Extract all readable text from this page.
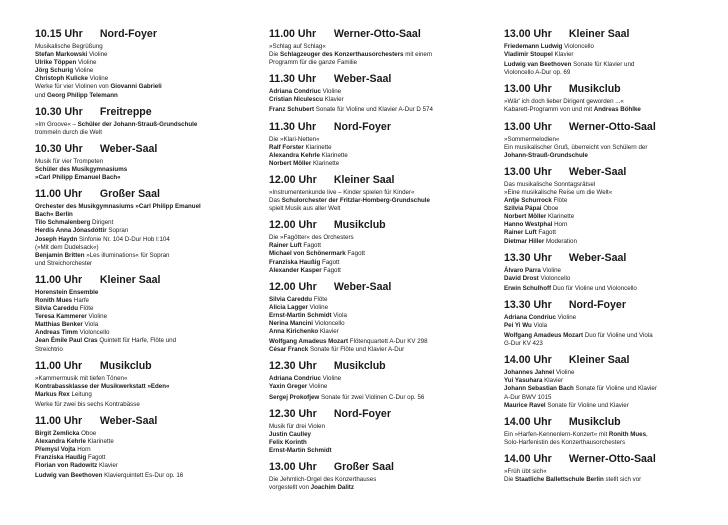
10.15 Uhr Nord-Foyer
Musikalische Begrüßung
Stefan Markowski Violine
Ulrike Töppen Violine
Jörg Schurig Violine
Christoph Kulicke Violine
Werke für vier Violinen von Giovanni Gabrieli
und Georg Philipp Telemann
10.30 Uhr Freitreppe
»Im Groove« – Schüler der Johann-Strauß-Grundschule
trommeln durch die Welt
10.30 Uhr Weber-Saal
Musik für vier Trompeten
Schüler des Musikgymnasiums
»Carl Philipp Emanuel Bach«
11.00 Uhr Großer Saal
Orchester des Musikgymnasiums »Carl Philipp Emanuel
Bach« Berlin
Tilo Schmalenberg Dirigent
Herdís Anna Jónasdóttir Sopran
Joseph Haydn Sinfonie Nr. 104 D-Dur Hob I:104
(»Mit dem Dudelsack«)
Benjamin Britten »Les illuminations« für Sopran
und Streichorchester
11.00 Uhr Kleiner Saal
Horenstein Ensemble
Ronith Mues Harfe
Silvia Careddu Flöte
Teresa Kammerer Violine
Matthias Benker Viola
Andreas Timm Violoncello
Jean Émile Paul Cras Quintett für Harfe, Flöte und
Streichtrio
11.00 Uhr Musikclub
»Kammermusik mit tiefen Tönen«
Kontrabassklasse der Musikwerkstatt »Eden«
Markus Rex Leitung
Werke für zwei bis sechs Kontrabässe
11.00 Uhr Weber-Saal
Birgit Zemlicka Oboe
Alexandra Kehrle Klarinette
Přemysl Vojta Horn
Franziska Haußig Fagott
Florian von Radowitz Klavier
Ludwig van Beethoven Klavierquintett Es-Dur op. 16
11.00 Uhr Werner-Otto-Saal
»Schlag auf Schlag«
Die Schlagzeuger des Konzerthausorchesters mit einem
Programm für die ganze Familie
11.30 Uhr Weber-Saal
Adriana Condriuc Violine
Cristian Niculescu Klavier
Franz Schubert Sonate für Violine und Klavier A-Dur D 574
11.30 Uhr Nord-Foyer
Die »Klari-Netten«
Ralf Forster Klarinette
Alexandra Kehrle Klarinette
Norbert Möller Klarinette
12.00 Uhr Kleiner Saal
»Instrumentenkunde live – Kinder spielen für Kinder«
Das Schulorchester der Fritzlar-Homberg-Grundschule
spielt Musik aus aller Welt
12.00 Uhr Musikclub
Die »Fagötter« des Orchesters
Rainer Luft Fagott
Michael von Schönermark Fagott
Franziska Haußig Fagott
Alexander Kasper Fagott
12.00 Uhr Weber-Saal
Silvia Careddu Flöte
Alicia Lagger Violine
Ernst-Martin Schmidt Viola
Nerina Mancini Violoncello
Anna Kirichenko Klavier
Wolfgang Amadeus Mozart Flötenquartett A-Dur KV 298
César Franck Sonate für Flöte und Klavier A-Dur
12.30 Uhr Musikclub
Adriana Condriuc Violine
Yaxin Greger Violine
Sergej Prokofjew Sonate für zwei Violinen C-Dur op. 56
12.30 Uhr Nord-Foyer
Musik für drei Violen
Justin Caulley
Felix Korinth
Ernst-Martin Schmidt
13.00 Uhr Großer Saal
Die Jehmlich-Orgel des Konzerthauses
vorgestellt von Joachim Dalitz
13.00 Uhr Kleiner Saal
Friedemann Ludwig Violoncello
Vladimir Stoupel Klavier
Ludwig van Beethoven Sonate für Klavier und
Violoncello A-Dur op. 69
13.00 Uhr Musikclub
»Wär' ich doch lieber Dirigent geworden ...«
Kabarett-Programm von und mit Andreas Böhlke
13.00 Uhr Werner-Otto-Saal
»Sommermelodien«
Ein musikalischer Gruß, überreicht von Schülern der
Johann-Strauß-Grundschule
13.00 Uhr Weber-Saal
Das musikalische Sonntagsrätsel
»Eine musikalische Reise um die Welt«
Antje Schurrock Flöte
Szilvia Pápai Oboe
Norbert Möller Klarinette
Hanno Westphal Horn
Rainer Luft Fagott
Dietmar Hiller Moderation
13.30 Uhr Weber-Saal
Álvaro Parra Violine
David Drost Violoncello
Erwin Schulhoff Duo für Violine und Violoncello
13.30 Uhr Nord-Foyer
Adriana Condriuc Violine
Pei Yi Wu Viola
Wolfgang Amadeus Mozart Duo für Violine und Viola
G-Dur KV 423
14.00 Uhr Kleiner Saal
Johannes Jahnel Violine
Yui Yasuhara Klavier
Johann Sebastian Bach Sonate für Violine und Klavier
A-Dur BWV 1015
Maurice Ravel Sonate für Violine und Klavier
14.00 Uhr Musikclub
Ein »Harfen-Kennenlern-Konzert« mit Ronith Mues,
Solo-Harfenistin des Konzerthausorchesters
14.00 Uhr Werner-Otto-Saal
»Früh übt sich«
Die Staatliche Ballettschule Berlin stellt sich vor
